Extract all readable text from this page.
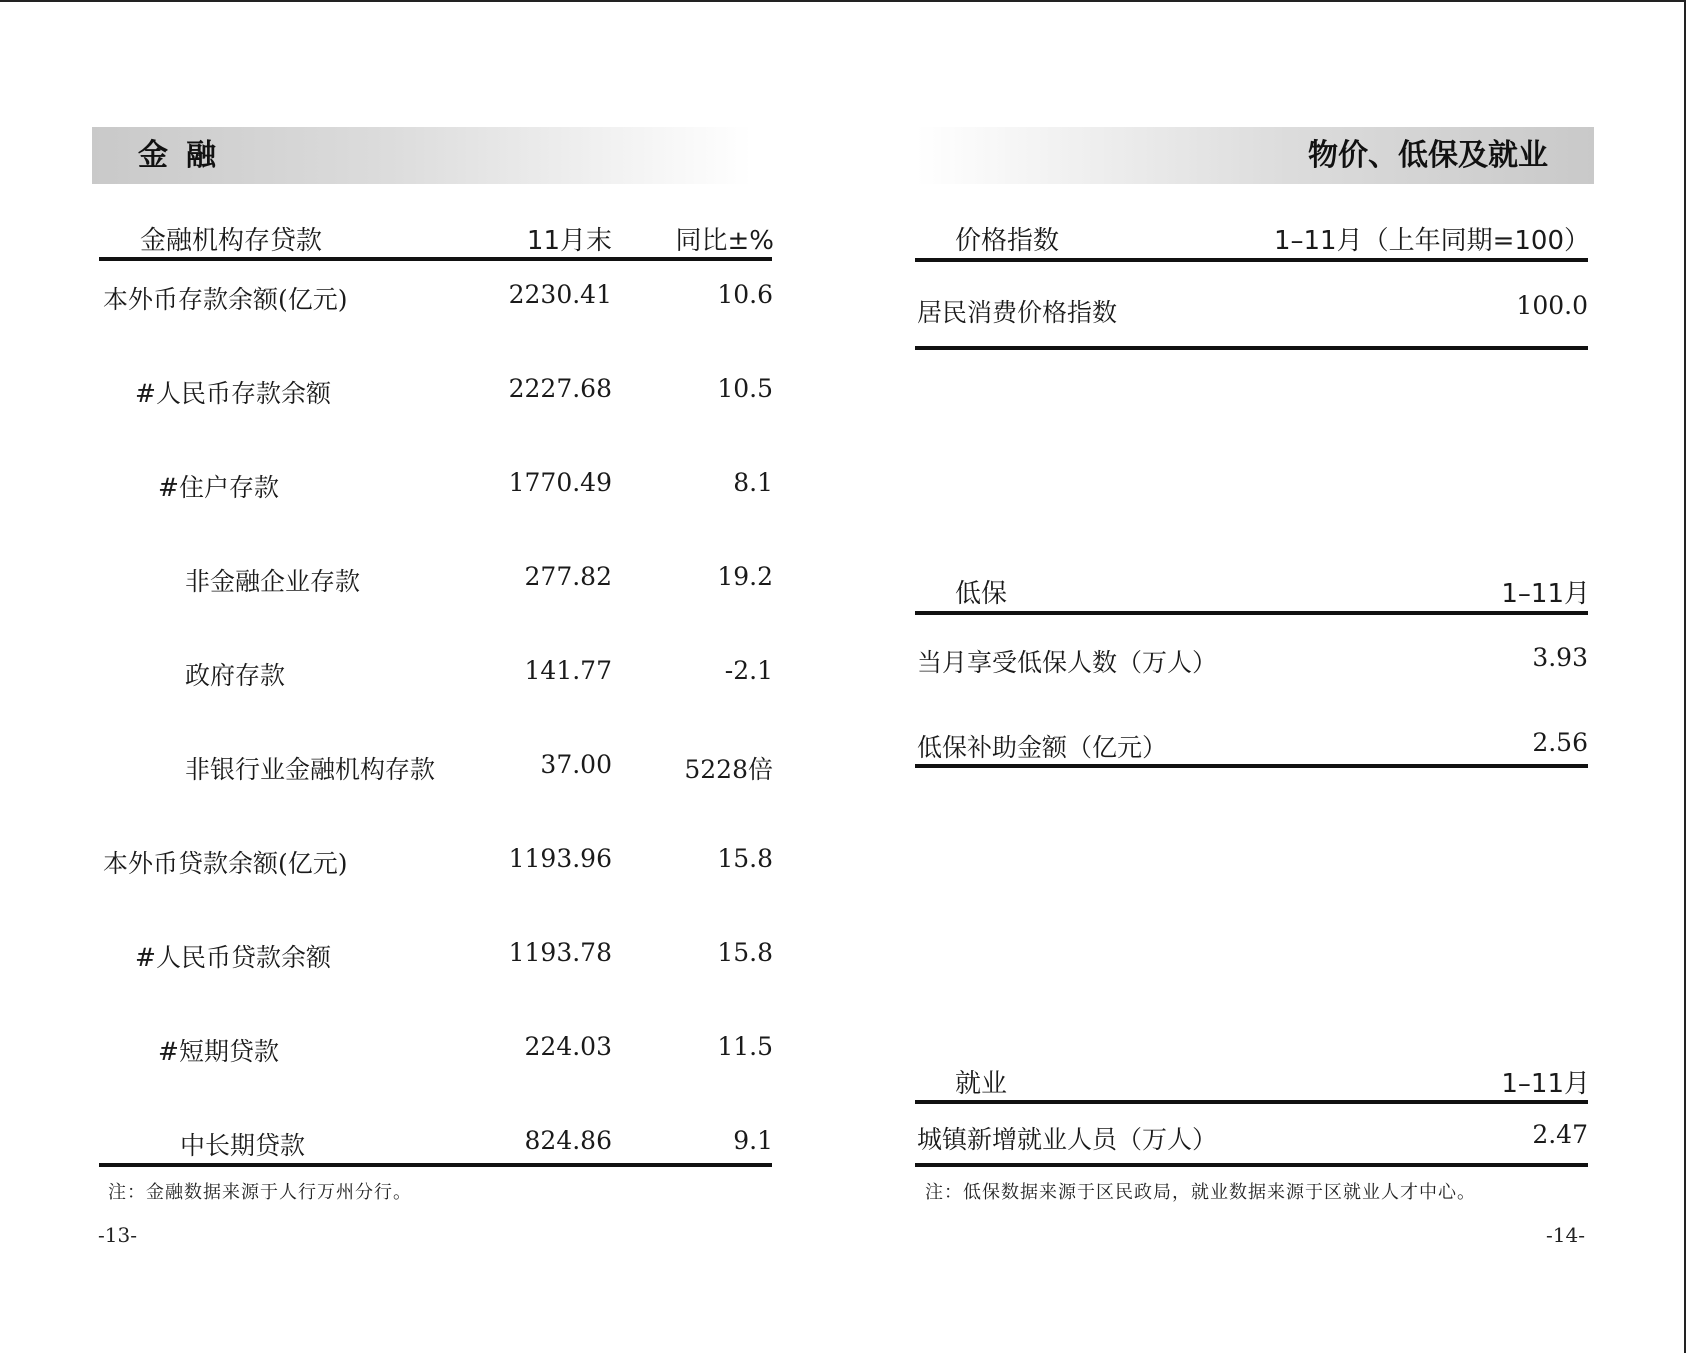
金融
金融机构存贷款	11月末	同比±%
本外币存款余额(亿元)	2230.41	10.6
#人民币存款余额	2227.68	10.5
#住户存款	1770.49	8.1
非金融企业存款	277.82	19.2
政府存款	141.77	-2.1
非银行业金融机构存款	37.00	5228倍
本外币贷款余额(亿元)	1193.96	15.8
#人民币贷款余额	1193.78	15.8
#短期贷款	224.03	11.5
中长期贷款	824.86	9.1
注：金融数据来源于人行万州分行。
-13-
物价、低保及就业
价格指数	1–11月（上年同期=100）
居民消费价格指数	100.0
低保	1–11月
当月享受低保人数（万人）	3.93
低保补助金额（亿元）	2.56
就业	1–11月
城镇新增就业人员（万人）	2.47
注：低保数据来源于区民政局，就业数据来源于区就业人才中心。
-14-
